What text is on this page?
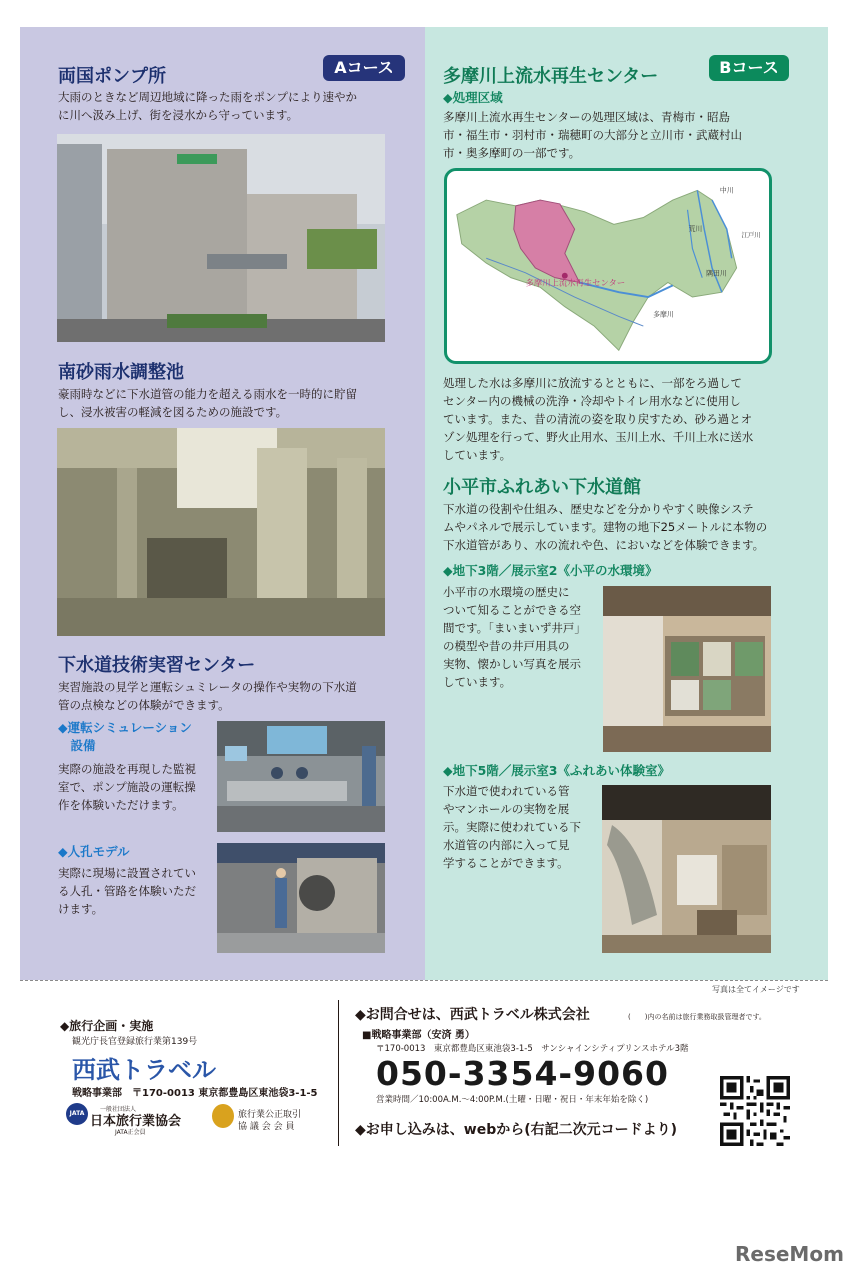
Aコース
両国ポンプ所
大雨のときなど周辺地域に降った雨をポンプにより速やか
に川へ汲み上げ、街を浸水から守っています。
南砂雨水調整池
豪雨時などに下水道管の能力を超える雨水を一時的に貯留
し、浸水被害の軽減を図るための施設です。
下水道技術実習センター
実習施設の見学と運転シュミレータの操作や実物の下水道
管の点検などの体験ができます。
◆運転シミュレーション
　設備
実際の施設を再現した監視
室で、ポンプ施設の運転操
作を体験いただけます。
◆人孔モデル
実際に現場に設置されてい
る人孔・管路を体験いただ
けます。
Bコース
多摩川上流水再生センター
◆処理区域
多摩川上流水再生センターの処理区域は、青梅市・昭島
市・福生市・羽村市・瑞穂町の大部分と立川市・武蔵村山
市・奥多摩町の一部です。
多摩川上流水再生センター
中川
荒川
江戸川
隅田川
多摩川
処理した水は多摩川に放流するとともに、一部をろ過して
センター内の機械の洗浄・冷却やトイレ用水などに使用し
ています。また、昔の清流の姿を取り戻すため、砂ろ過とオ
ゾン処理を行って、野火止用水、玉川上水、千川上水に送水
しています。
小平市ふれあい下水道館
下水道の役割や仕組み、歴史などを分かりやすく映像システ
ムやパネルで展示しています。建物の地下25メートルに本物の
下水道管があり、水の流れや色、においなどを体験できます。
◆地下3階／展示室2《小平の水環境》
小平市の水環境の歴史に
ついて知ることができる空
間です。「まいまいず井戸」
の模型や昔の井戸用具の
実物、懐かしい写真を展示
しています。
◆地下5階／展示室3《ふれあい体験室》
下水道で使われている管
やマンホールの実物を展
示。実際に使われている下
水道管の内部に入って見
学することができます。
写真は全てイメージです
◆旅行企画・実施
観光庁長官登録旅行業第139号
西武トラベル
戦略事業部　〒170-0013 東京都豊島区東池袋3-1-5
JATA
一般社団法人
日本旅行業協会
JATA正会員
旅行業公正取引
協 議 会 会 員
◆お問合せは、西武トラベル株式会社	(　　)内の名前は旅行業務取扱管理者です。
■戦略事業部（安済 勇）
〒170-0013　東京都豊島区東池袋3-1-5　サンシャインシティプリンスホテル3階
050-3354-9060
営業時間／10:00A.M.～4:00P.M.(土曜・日曜・祝日・年末年始を除く)
◆お申し込みは、webから(右記二次元コードより)
ReseMom
